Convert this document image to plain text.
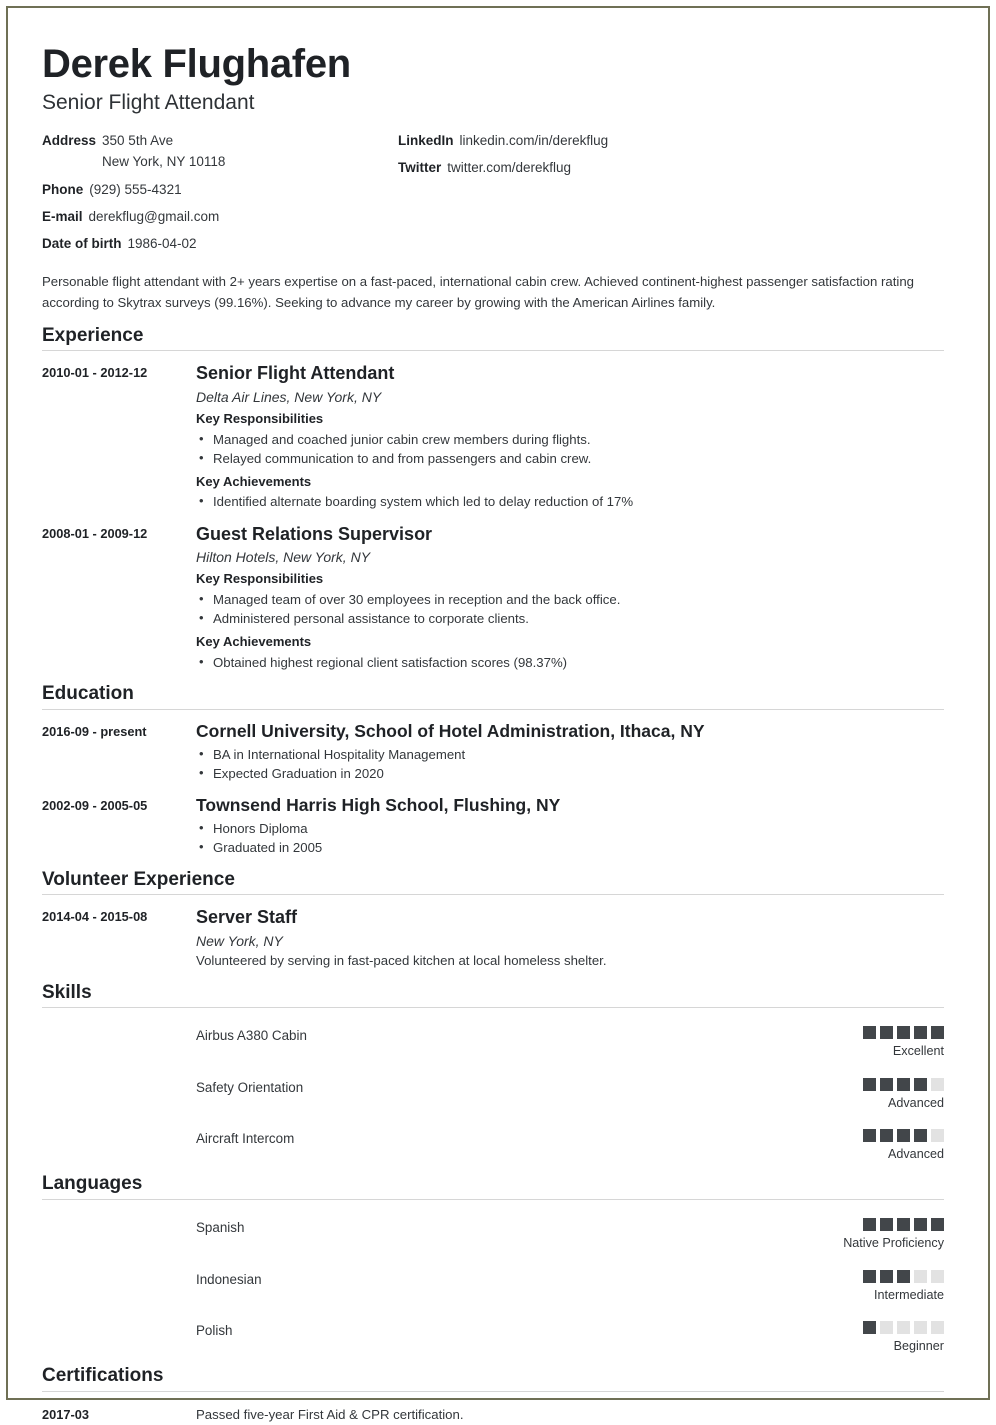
Derek Flughafen
Senior Flight Attendant
Address 350 5th Ave
New York, NY 10118
Phone (929) 555-4321
E-mail derekflug@gmail.com
Date of birth 1986-04-02
LinkedIn linkedin.com/in/derekflug
Twitter twitter.com/derekflug

Personable flight attendant with 2+ years expertise on a fast-paced, international cabin crew. Achieved continent-highest passenger satisfaction rating according to Skytrax surveys (99.16%). Seeking to advance my career by growing with the American Airlines family.

Experience
2010-01 - 2012-12	Senior Flight Attendant
Delta Air Lines, New York, NY
Key Responsibilities
• Managed and coached junior cabin crew members during flights.
• Relayed communication to and from passengers and cabin crew.
Key Achievements
• Identified alternate boarding system which led to delay reduction of 17%
2008-01 - 2009-12	Guest Relations Supervisor
Hilton Hotels, New York, NY
Key Responsibilities
• Managed team of over 30 employees in reception and the back office.
• Administered personal assistance to corporate clients.
Key Achievements
• Obtained highest regional client satisfaction scores (98.37%)
Education
2016-09 - present	Cornell University, School of Hotel Administration, Ithaca, NY
• BA in International Hospitality Management
• Expected Graduation in 2020
2002-09 - 2005-05	Townsend Harris High School, Flushing, NY
• Honors Diploma
• Graduated in 2005
Volunteer Experience
2014-04 - 2015-08	Server Staff
New York, NY
Volunteered by serving in fast-paced kitchen at local homeless shelter.
Skills
Airbus A380 Cabin
Excellent
Safety Orientation
Advanced
Aircraft Intercom
Advanced
Languages
Spanish
Native Proficiency
Indonesian
Intermediate
Polish
Beginner
Certifications
2017-03	Passed five-year First Aid & CPR certification.
